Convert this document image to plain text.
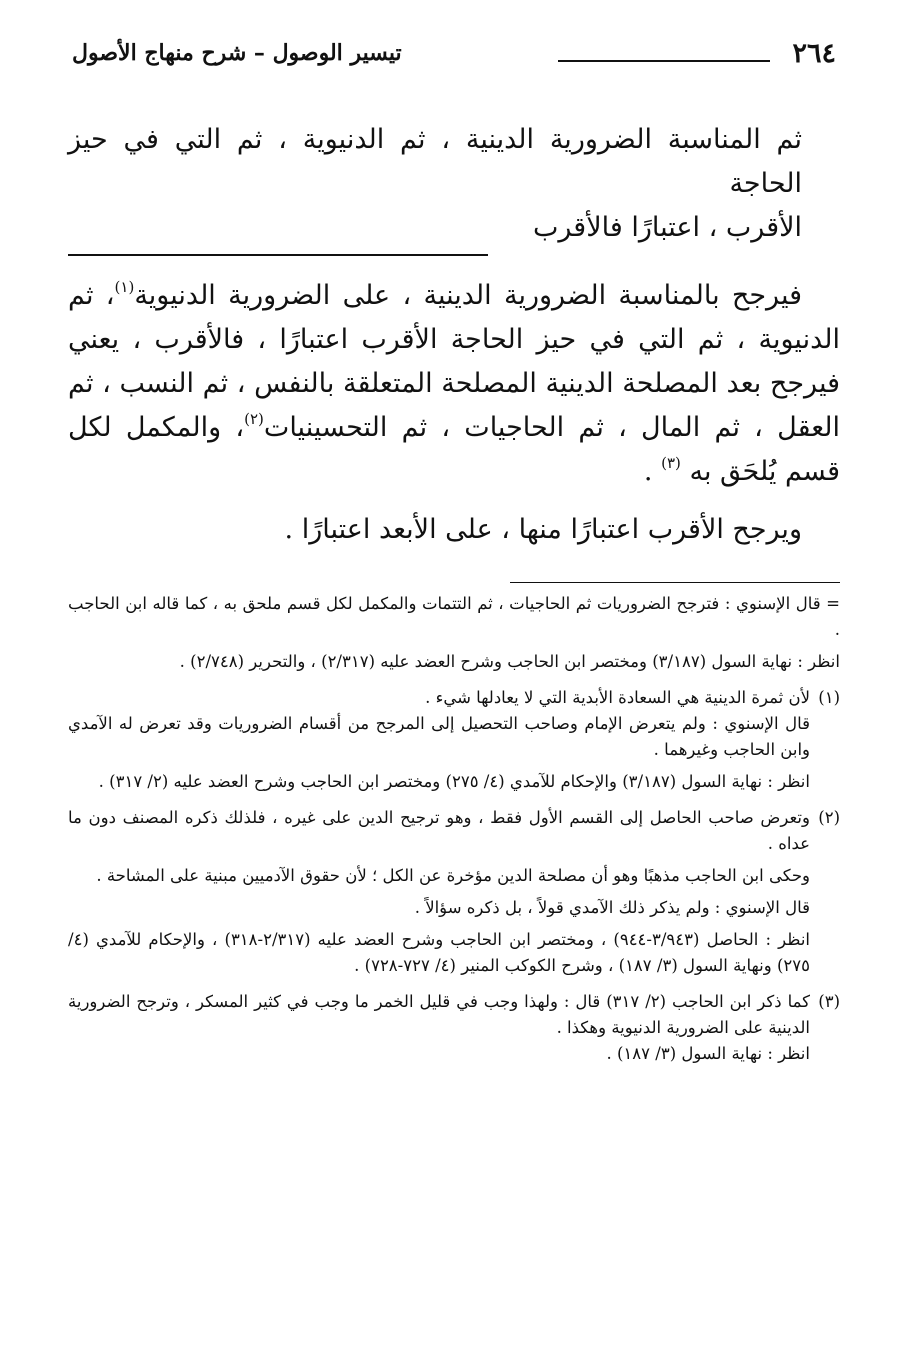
٢٦٤
تيسير الوصول – شرح منهاج الأصول
ثم المناسبة الضرورية الدينية ، ثم الدنيوية ، ثم التي في حيز الحاجة
الأقرب ، اعتبارًا فالأقرب
فيرجح بالمناسبة الضرورية الدينية ، على الضرورية الدنيوية$^{(١)}$، ثم الدنيوية ، ثم التي في حيز الحاجة الأقرب اعتبارًا ، فالأقرب ، يعني فيرجح بعد المصلحة الدينية المصلحة المتعلقة بالنفس ، ثم النسب ، ثم العقل ، ثم المال ، ثم الحاجيات ، ثم التحسينيات$^{(٢)}$، والمكمل لكل قسم يُلحَق به $^{(٣)}$ .
ويرجح الأقرب اعتبارًا منها ، على الأبعد اعتبارًا .

= قال الإسنوي : فترجح الضروريات ثم الحاجيات ، ثم التتمات والمكمل لكل قسم ملحق به ، كما قاله ابن الحاجب .

انظر : نهاية السول (٣/١٨٧) ومختصر ابن الحاجب وشرح العضد عليه (٢/٣١٧) ، والتحرير (٢/٧٤٨) .

(١)

لأن ثمرة الدينية هي السعادة الأبدية التي لا يعادلها شيء .

قال الإسنوي : ولم يتعرض الإمام وصاحب التحصيل إلى المرجح من أقسام الضروريات وقد تعرض له الآمدي وابن الحاجب وغيرهما .

انظر : نهاية السول (٣/١٨٧) والإحكام للآمدي (٤/ ٢٧٥) ومختصر ابن الحاجب وشرح العضد عليه (٢/ ٣١٧) .

(٢)

وتعرض صاحب الحاصل إلى القسم الأول فقط ، وهو ترجيح الدين على غيره ، فلذلك ذكره المصنف دون ما عداه .

وحكى ابن الحاجب مذهبًا وهو أن مصلحة الدين مؤخرة عن الكل ؛ لأن حقوق الآدميين مبنية على المشاحة .

قال الإسنوي : ولم يذكر ذلك الآمدي قولاً ، بل ذكره سؤالاً .

انظر : الحاصل (٣/٩٤٣-٩٤٤) ، ومختصر ابن الحاجب وشرح العضد عليه (٢/٣١٧-٣١٨) ، والإحكام للآمدي (٤/ ٢٧٥) ونهاية السول (٣/ ١٨٧) ، وشرح الكوكب المنير (٤/ ٧٢٧-٧٢٨) .

(٣)

كما ذكر ابن الحاجب (٢/ ٣١٧) قال : ولهذا وجب في قليل الخمر ما وجب في كثير المسكر ، وترجح الضرورية الدينية على الضرورية الدنيوية وهكذا .

انظر : نهاية السول (٣/ ١٨٧) .
